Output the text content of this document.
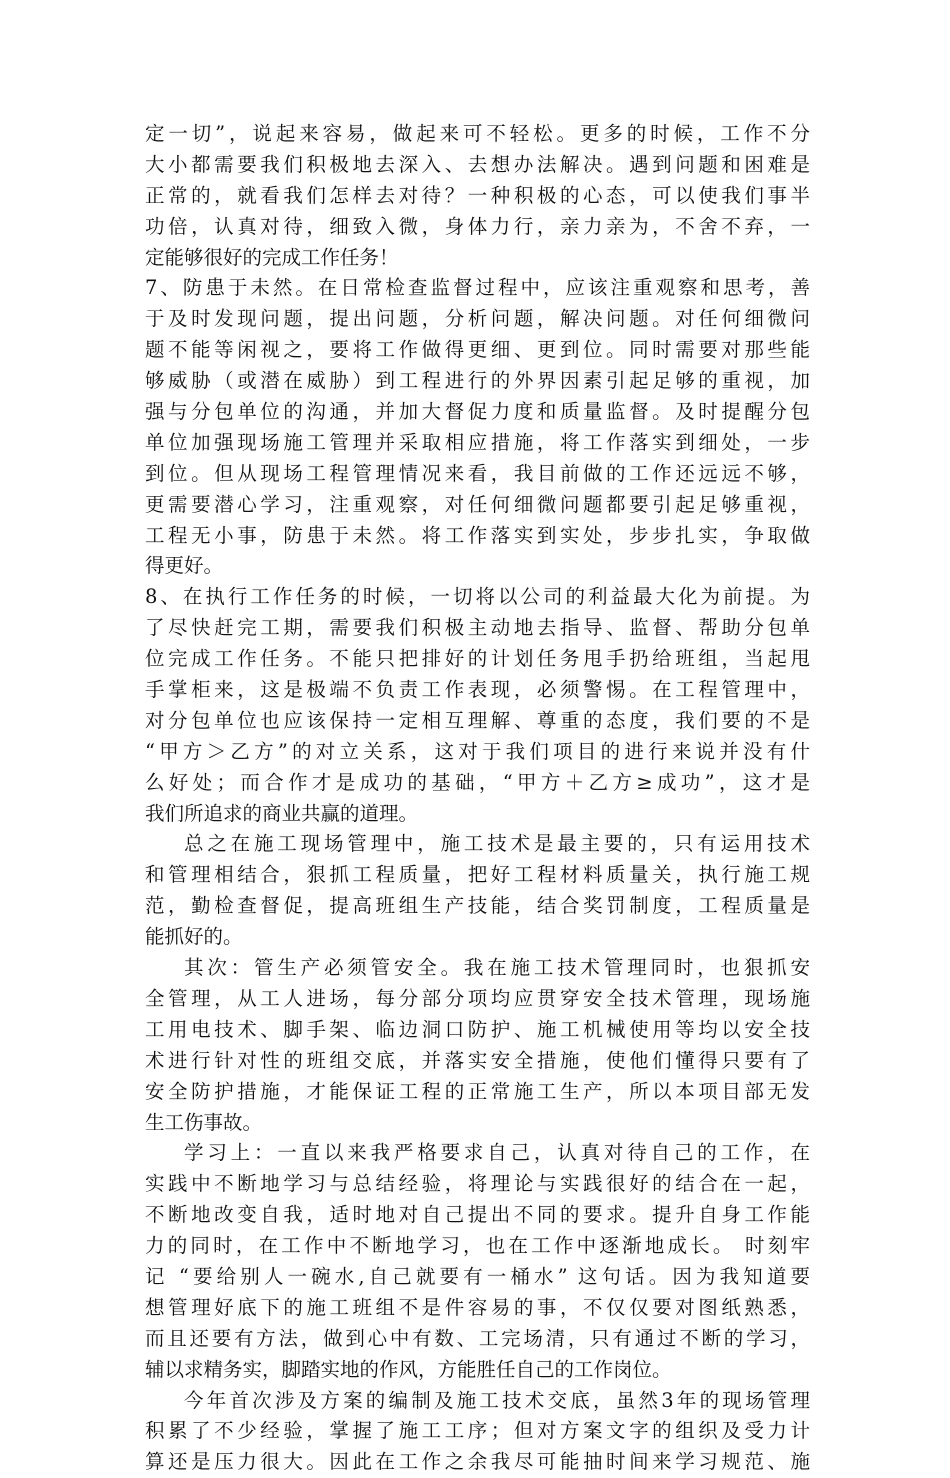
定一切”，说起来容易，做起来可不轻松。更多的时候，工作不分
大小都需要我们积极地去深入、去想办法解决。遇到问题和困难是
正常的，就看我们怎样去对待？一种积极的心态，可以使我们事半
功倍，认真对待，细致入微，身体力行，亲力亲为，不舍不弃，一
定能够很好的完成工作任务！
7、防患于未然。在日常检查监督过程中，应该注重观察和思考，善
于及时发现问题，提出问题，分析问题，解决问题。对任何细微问
题不能等闲视之，要将工作做得更细、更到位。同时需要对那些能
够威胁（或潜在威胁）到工程进行的外界因素引起足够的重视，加
强与分包单位的沟通，并加大督促力度和质量监督。及时提醒分包
单位加强现场施工管理并采取相应措施，将工作落实到细处，一步
到位。但从现场工程管理情况来看，我目前做的工作还远远不够，
更需要潜心学习，注重观察，对任何细微问题都要引起足够重视，
工程无小事，防患于未然。将工作落实到实处，步步扎实，争取做
得更好。
8、在执行工作任务的时候，一切将以公司的利益最大化为前提。为
了尽快赶完工期，需要我们积极主动地去指导、监督、帮助分包单
位完成工作任务。不能只把排好的计划任务甩手扔给班组，当起甩
手掌柜来，这是极端不负责工作表现，必须警惕。在工程管理中，
对分包单位也应该保持一定相互理解、尊重的态度，我们要的不是
“甲方＞乙方”的对立关系，这对于我们项目的进行来说并没有什
么好处；而合作才是成功的基础，“甲方＋乙方≥成功”，这才是
我们所追求的商业共赢的道理。
总之在施工现场管理中，施工技术是最主要的，只有运用技术
和管理相结合，狠抓工程质量，把好工程材料质量关，执行施工规
范，勤检查督促，提高班组生产技能，结合奖罚制度，工程质量是
能抓好的。
其次：管生产必须管安全。我在施工技术管理同时，也狠抓安
全管理，从工人进场，每分部分项均应贯穿安全技术管理，现场施
工用电技术、脚手架、临边洞口防护、施工机械使用等均以安全技
术进行针对性的班组交底，并落实安全措施，使他们懂得只要有了
安全防护措施，才能保证工程的正常施工生产，所以本项目部无发
生工伤事故。
学习上：一直以来我严格要求自己，认真对待自己的工作，在
实践中不断地学习与总结经验，将理论与实践很好的结合在一起，
不断地改变自我，适时地对自己提出不同的要求。提升自身工作能
力的同时，在工作中不断地学习，也在工作中逐渐地成长。 时刻牢
记 “要给别人一碗水,自己就要有一桶水” 这句话。因为我知道要
想管理好底下的施工班组不是件容易的事，不仅仅要对图纸熟悉，
而且还要有方法，做到心中有数、工完场清，只有通过不断的学习，
辅以求精务实，脚踏实地的作风，方能胜任自己的工作岗位。
今年首次涉及方案的编制及施工技术交底，虽然3年的现场管理
积累了不少经验，掌握了施工工序；但对方案文字的组织及受力计
算还是压力很大。因此在工作之余我尽可能抽时间来学习规范、施
